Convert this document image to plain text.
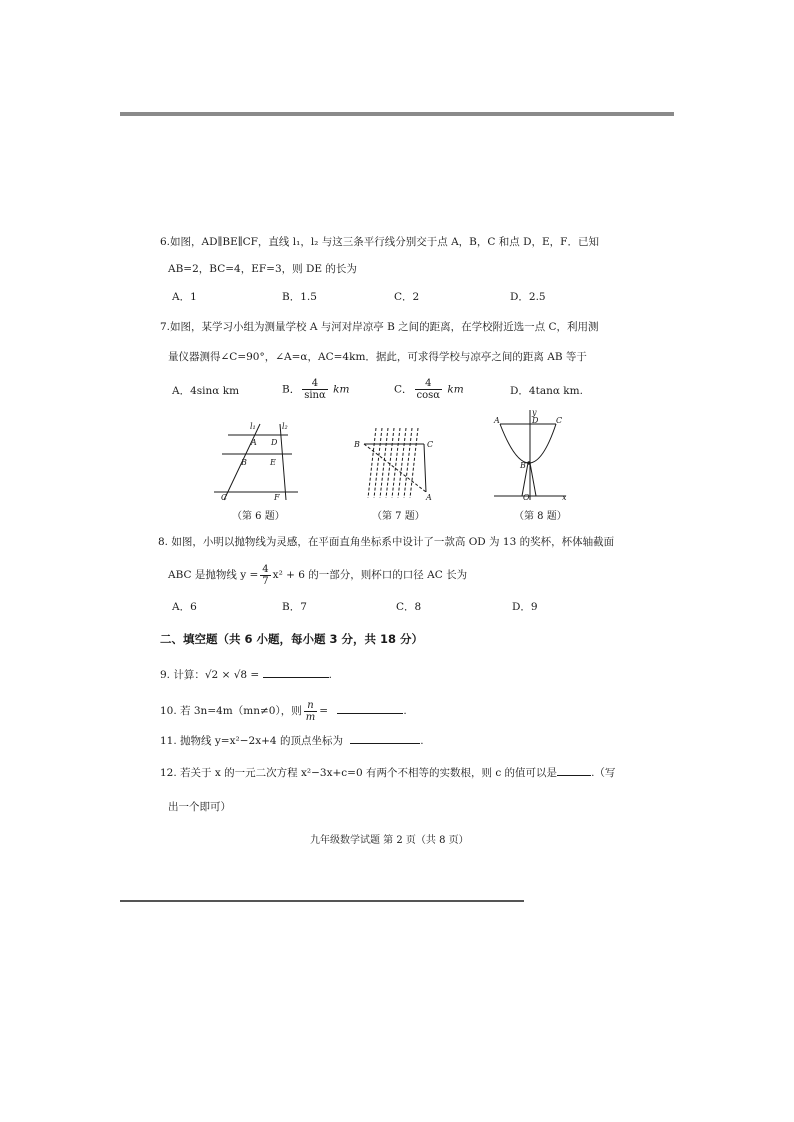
6.如图，AD∥BE∥CF，直线 l₁，l₂ 与这三条平行线分别交于点 A，B，C 和点 D，E，F．已知
AB=2，BC=4，EF=3，则 DE 的长为
A．1	B．1.5	C．2	D．2.5
7.如图，某学习小组为测量学校 A 与河对岸凉亭 B 之间的距离，在学校附近选一点 C，利用测
量仪器测得∠C=90°，∠A=α，AC=4km．据此，可求得学校与凉亭之间的距离 AB 等于
A．4sinα km	B． $\frac{4}{\sin\alpha}$ km	C． $\frac{4}{\cos\alpha}$ km	D．4tanα km.
l₁	l₂
A D
B	E
C	F
（第 6 题）
B	C
A
（第 7 题）
y
A	D C
B
O	x
（第 8 题）
8. 如图，小明以抛物线为灵感，在平面直角坐标系中设计了一款高 OD 为 13 的奖杯，杯体轴截面
ABC 是抛物线 $y = \frac{4}{7} x^2 + 6$ 的一部分，则杯口的口径 AC 长为
A．6	B．7	C．8	D．9
二、填空题（共 6 小题，每小题 3 分，共 18 分）
9. 计算：√2 × √8 =	.
10. 若 3n=4m（mn≠0），则 $\frac{n}{m}$ =	.
11. 抛物线 y=x²−2x+4 的顶点坐标为	.
12. 若关于 x 的一元二次方程 x²−3x+c=0 有两个不相等的实数根，则 c 的值可以是	.（写
出一个即可）
九年级数学试题 第 2 页（共 8 页）
